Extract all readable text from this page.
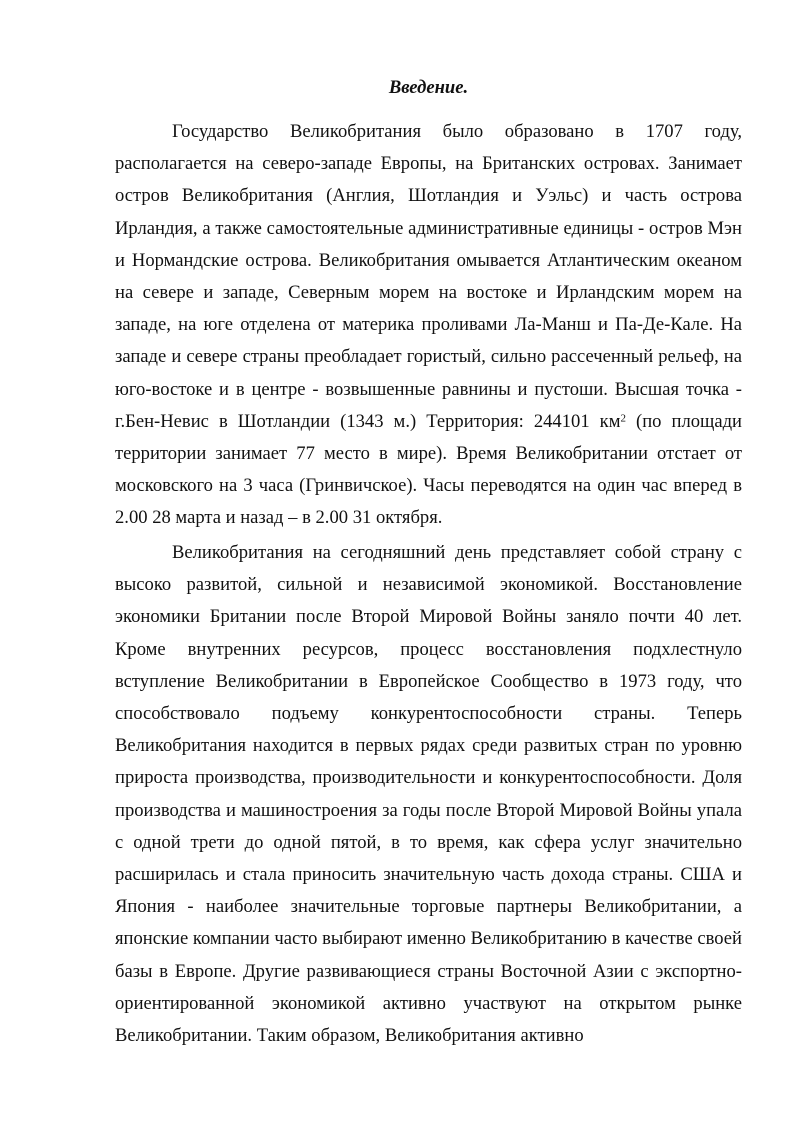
Введение.

Государство Великобритания было образовано в 1707 году, располагается на северо-западе Европы, на Британских островах. Занимает остров Великобритания (Англия, Шотландия и Уэльс) и часть острова Ирландия, а также самостоятельные административные единицы - остров Мэн и Нормандские острова. Великобритания омывается Атлантическим океаном на севере и западе, Северным морем на востоке и Ирландским морем на западе, на юге отделена от материка проливами Ла-Манш и Па-Де-Кале. На западе и севере страны преобладает гористый, сильно рассеченный рельеф, на юго-востоке и в центре - возвышенные равнины и пустоши. Высшая точка - г.Бен-Невис в Шотландии (1343 м.) Территория: 244101 $км^2$ (по площади территории занимает 77 место в мире). Время Великобритании отстает от московского на 3 часа (Гринвичское). Часы переводятся на один час вперед в 2.00 28 марта и назад – в 2.00 31 октября.

Великобритания на сегодняшний день представляет собой страну с высоко развитой, сильной и независимой экономикой. Восстановление экономики Британии после Второй Мировой Войны заняло почти 40 лет. Кроме внутренних ресурсов, процесс восстановления подхлестнуло вступление Великобритании в Европейское Сообщество в 1973 году, что способствовало подъему конкурентоспособности страны. Теперь Великобритания находится в первых рядах среди развитых стран по уровню прироста производства, производительности и конкурентоспособности. Доля производства и машиностроения за годы после Второй Мировой Войны упала с одной трети до одной пятой, в то время, как сфера услуг значительно расширилась и стала приносить значительную часть дохода страны. США и Япония - наиболее значительные торговые партнеры Великобритании, а японские компании часто выбирают именно Великобританию в качестве своей базы в Европе. Другие развивающиеся страны Восточной Азии с экспортно-ориентированной экономикой активно участвуют на открытом рынке Великобритании. Таким образом, Великобритания активно
